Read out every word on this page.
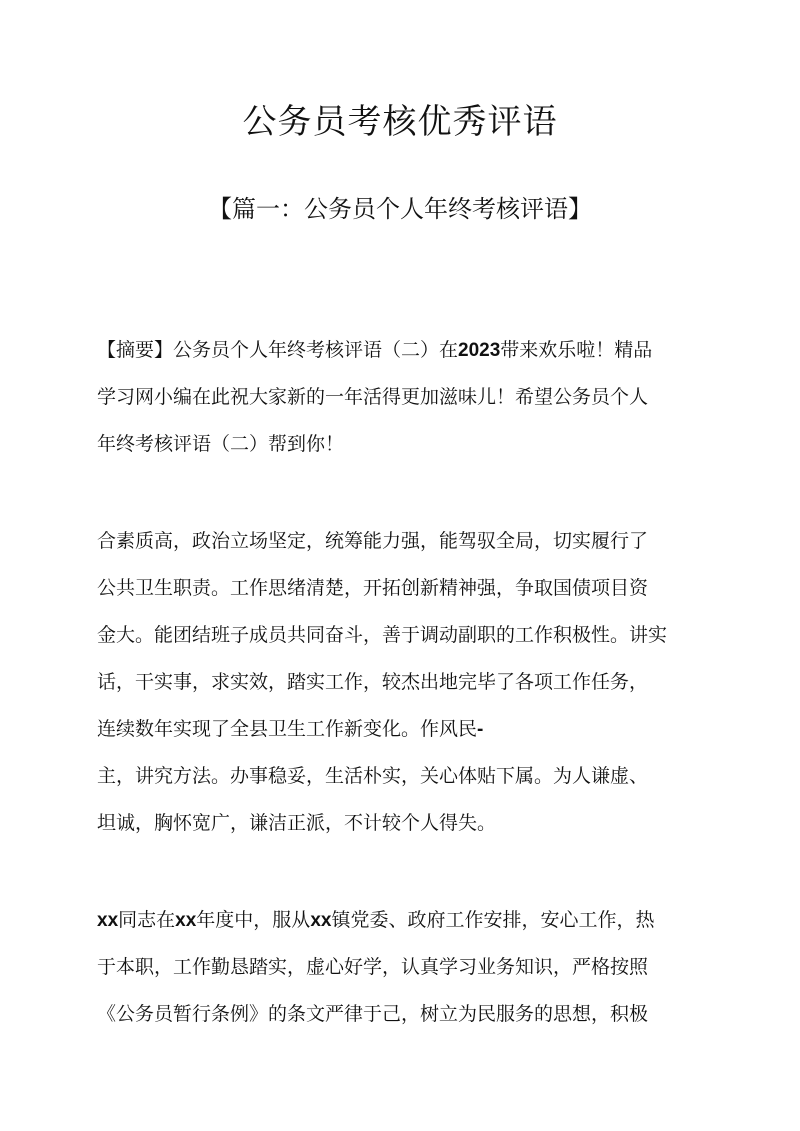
公务员考核优秀评语
【篇一：公务员个人年终考核评语】
【摘要】公务员个人年终考核评语（二）在2023带来欢乐啦！精品
学习网小编在此祝大家新的一年活得更加滋味儿！希望公务员个人
年终考核评语（二）帮到你！
合素质高，政治立场坚定，统筹能力强，能驾驭全局，切实履行了
公共卫生职责。工作思绪清楚，开拓创新精神强，争取国债项目资
金大。能团结班子成员共同奋斗，善于调动副职的工作积极性。讲实
话，干实事，求实效，踏实工作，较杰出地完毕了各项工作任务，
连续数年实现了全县卫生工作新变化。作风民-
主，讲究方法。办事稳妥，生活朴实，关心体贴下属。为人谦虚、
坦诚，胸怀宽广，谦洁正派，不计较个人得失。
xx同志在xx年度中，服从xx镇党委、政府工作安排，安心工作，热
于本职，工作勤恳踏实，虚心好学，认真学习业务知识，严格按照
《公务员暂行条例》的条文严律于己，树立为民服务的思想，积极
